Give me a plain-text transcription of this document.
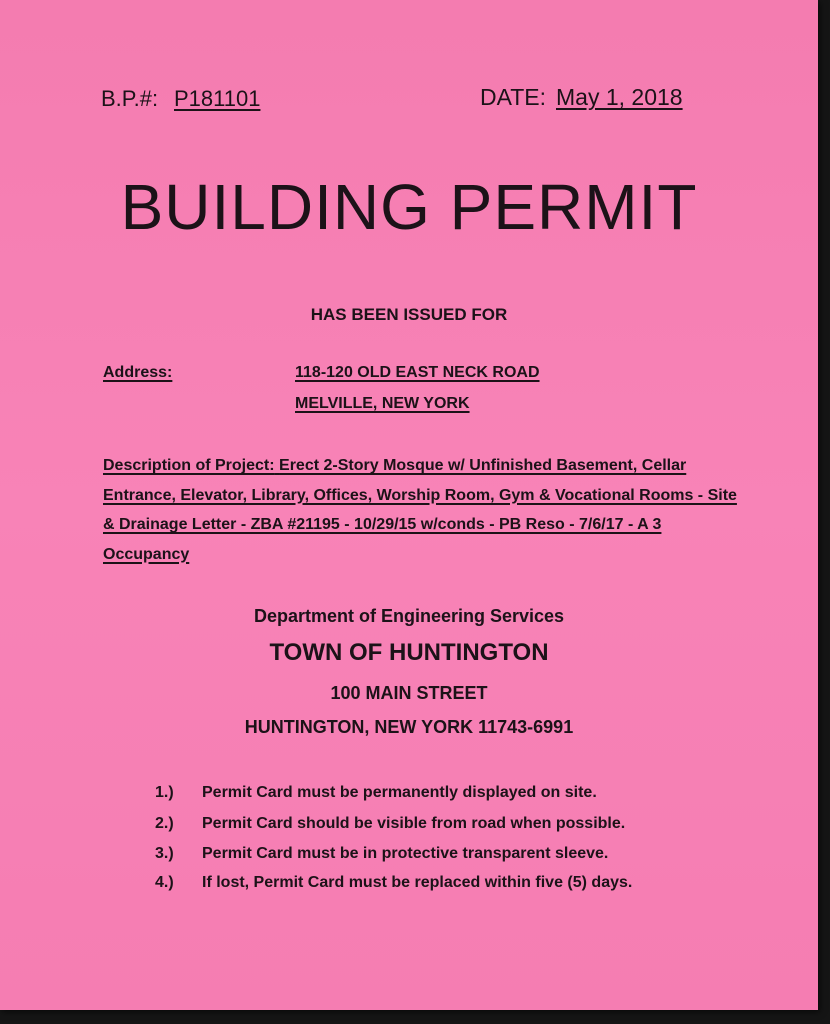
B.P.#: P181101	DATE: May 1, 2018
BUILDING PERMIT
HAS BEEN ISSUED FOR
Address:	118-120 OLD EAST NECK ROAD
MELVILLE, NEW YORK
Description of Project: Erect 2-Story Mosque w/ Unfinished Basement, Cellar Entrance, Elevator, Library, Offices, Worship Room, Gym & Vocational Rooms - Site & Drainage Letter - ZBA #21195 - 10/29/15 w/conds - PB Reso - 7/6/17 - A 3 Occupancy
Department of Engineering Services
TOWN OF HUNTINGTON
100 MAIN STREET
HUNTINGTON, NEW YORK 11743-6991
1.) Permit Card must be permanently displayed on site.
2.) Permit Card should be visible from road when possible.
3.) Permit Card must be in protective transparent sleeve.
4.) If lost, Permit Card must be replaced within five (5) days.
